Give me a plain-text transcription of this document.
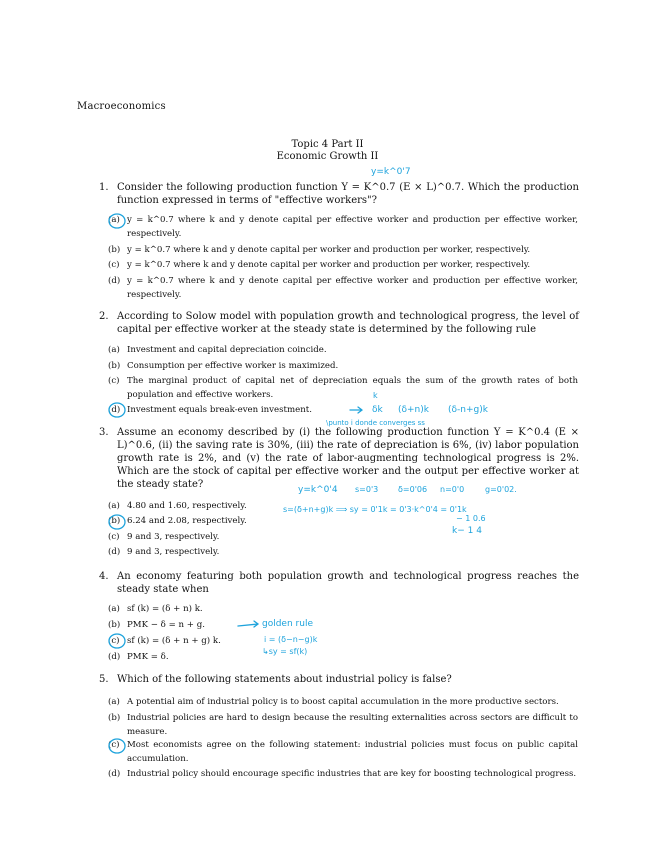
Macroeconomics
Topic 4 Part II
Economic Growth II
1. Consider the following production function Y = K^0.7 (E × L)^0.7. Which the production function expressed in terms of "effective workers"?
(a) y = k^0.7 where k and y denote capital per effective worker and production per effective worker, respectively.
(b) y = k^0.7 where k and y denote capital per worker and production per worker, respectively.
(c) y = k^0.7 where k and y denote capital per worker and production per worker, respectively.
(d) y = k^0.7 where k and y denote capital per effective worker and production per effective worker, respectively.
2. According to Solow model with population growth and technological progress, the level of capital per effective worker at the steady state is determined by the following rule
(a) Investment and capital depreciation coincide.
(b) Consumption per effective worker is maximized.
(c) The marginal product of capital net of depreciation equals the sum of the growth rates of both population and effective workers.
(d) Investment equals break-even investment.
3. Assume an economy described by (i) the following production function Y = K^0.4 (E × L)^0.6, (ii) the saving rate is 30%, (iii) the rate of depreciation is 6%, (iv) labor population growth rate is 2%, and (v) the rate of labor-augmenting technological progress is 2%. Which are the stock of capital per effective worker and the output per effective worker at the steady state?
(a) 4.80 and 1.60, respectively.
(b) 6.24 and 2.08, respectively.
(c) 9 and 3, respectively.
(d) 9 and 3, respectively.
4. An economy featuring both population growth and technological progress reaches the steady state when
(a) sf (k) = (δ + n) k.
(b) PMK − δ = n + g.
(c) sf (k) = (δ + n + g) k.
(d) PMK = δ.
5. Which of the following statements about industrial policy is false?
(a) A potential aim of industrial policy is to boost capital accumulation in the more productive sectors.
(b) Industrial policies are hard to design because the resulting externalities across sectors are difficult to measure.
(c) Most economists agree on the following statement: industrial policies must focus on public capital accumulation.
(d) Industrial policy should encourage specific industries that are key for boosting technological progress.
y=k^0'7
k
δk (δ+n)k (δ-n+g)k
\punto i donde converges ss
y=k^0'4 s=0'3 δ=0'06 n=0'0	g=0'02.
s=(δ+n+g)k ⟹ sy = 0'1k = 0'3·k^0'4 = 0'1k
− 1 0.6
k− 1 4
golden rule
i = (δ−n−g)k
↳sy = sf(k)
